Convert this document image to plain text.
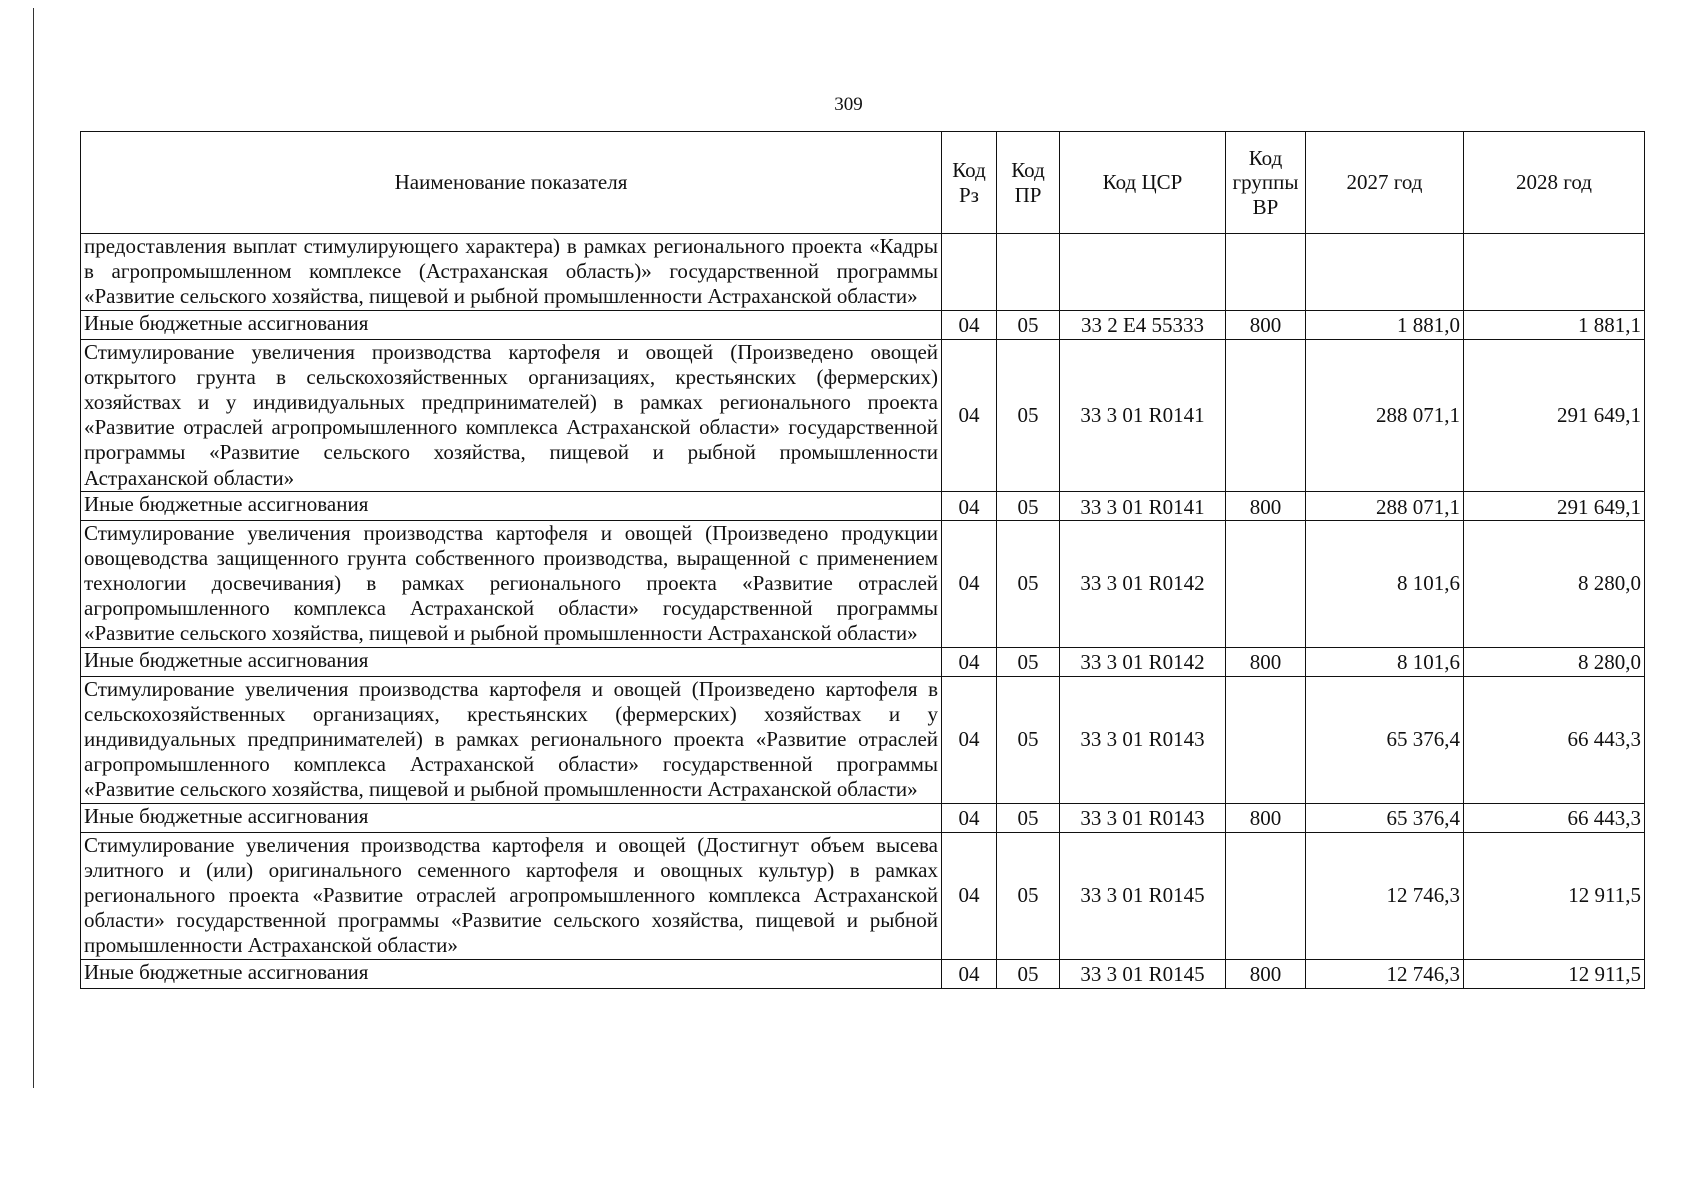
309
Наименование показателя	Код Рз	Код ПР	Код ЦСР	Код группы ВР	2027 год	2028 год
предоставления выплат стимулирующего характера) в рамках регионального проекта «Кадры в агропромышленном комплексе (Астраханская область)» государственной программы «Развитие сельского хозяйства, пищевой и рыбной промышленности Астраханской области»						
Иные бюджетные ассигнования	04	05	33 2 Е4 55333	800	1 881,0	1 881,1
Стимулирование увеличения производства картофеля и овощей (Произведено овощей открытого грунта в сельскохозяйственных организациях, крестьянских (фермерских) хозяйствах и у индивидуальных предпринимателей) в рамках регионального проекта «Развитие отраслей агропромышленного комплекса Астраханской области» государственной программы «Развитие сельского хозяйства, пищевой и рыбной промышленности Астраханской области»	04	05	33 3 01 R0141		288 071,1	291 649,1
Иные бюджетные ассигнования	04	05	33 3 01 R0141	800	288 071,1	291 649,1
Стимулирование увеличения производства картофеля и овощей (Произведено продукции овощеводства защищенного грунта собственного производства, выращенной с применением технологии досвечивания) в рамках регионального проекта «Развитие отраслей агропромышленного комплекса Астраханской области» государственной программы «Развитие сельского хозяйства, пищевой и рыбной промышленности Астраханской области»	04	05	33 3 01 R0142		8 101,6	8 280,0
Иные бюджетные ассигнования	04	05	33 3 01 R0142	800	8 101,6	8 280,0
Стимулирование увеличения производства картофеля и овощей (Произведено картофеля в сельскохозяйственных организациях, крестьянских (фермерских) хозяйствах и у индивидуальных предпринимателей) в рамках регионального проекта «Развитие отраслей агропромышленного комплекса Астраханской области» государственной программы «Развитие сельского хозяйства, пищевой и рыбной промышленности Астраханской области»	04	05	33 3 01 R0143		65 376,4	66 443,3
Иные бюджетные ассигнования	04	05	33 3 01 R0143	800	65 376,4	66 443,3
Стимулирование увеличения производства картофеля и овощей (Достигнут объем высева элитного и (или) оригинального семенного картофеля и овощных культур) в рамках регионального проекта «Развитие отраслей агропромышленного комплекса Астраханской области» государственной программы «Развитие сельского хозяйства, пищевой и рыбной промышленности Астраханской области»	04	05	33 3 01 R0145		12 746,3	12 911,5
Иные бюджетные ассигнования	04	05	33 3 01 R0145	800	12 746,3	12 911,5
